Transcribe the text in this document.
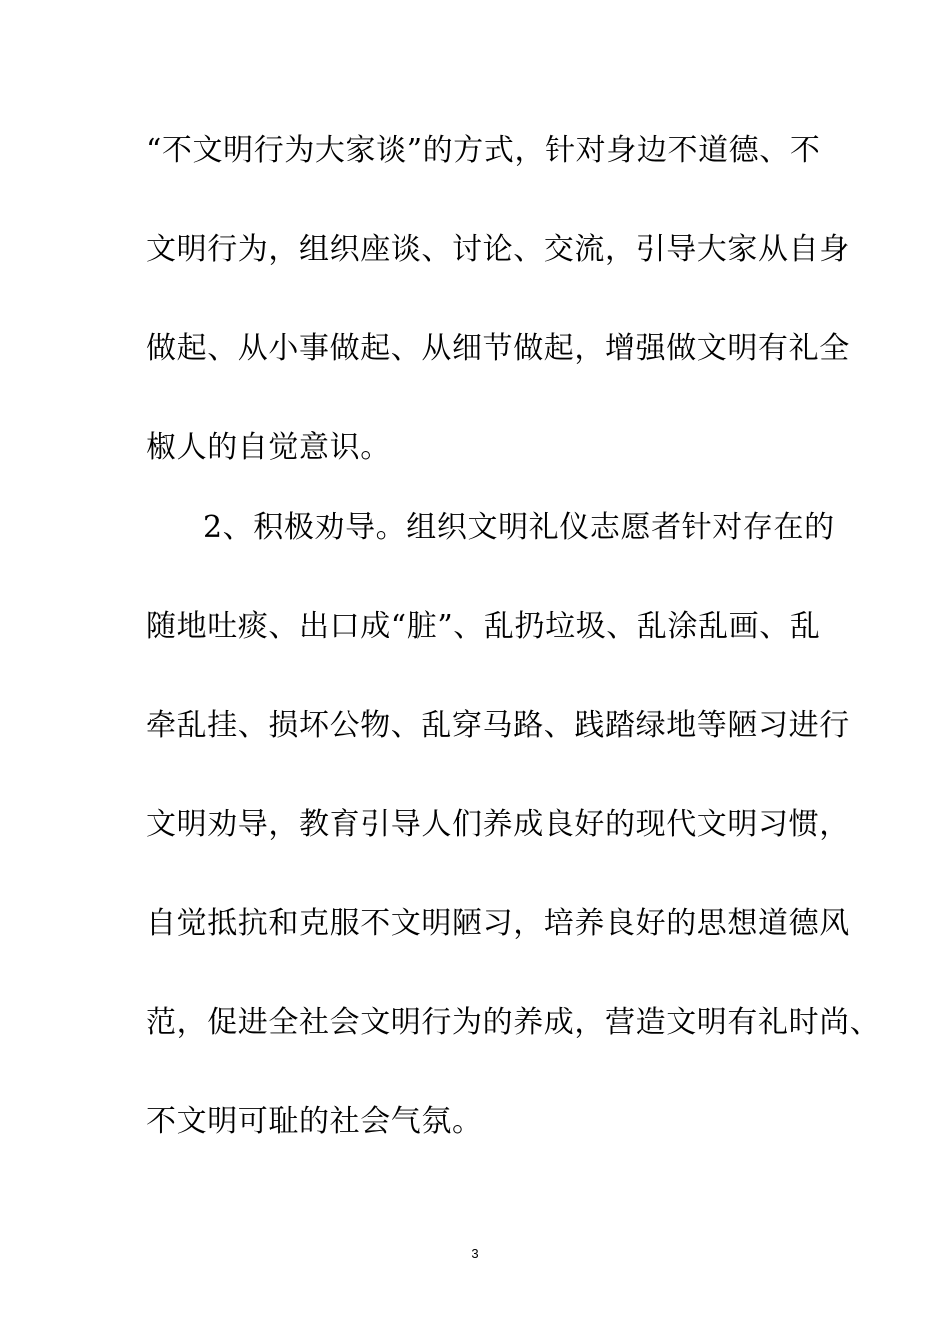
“不文明行为大家谈”的方式，针对身边不道德、不
文明行为，组织座谈、讨论、交流，引导大家从自身
做起、从小事做起、从细节做起，增强做文明有礼全
椒人的自觉意识。
2、积极劝导。组织文明礼仪志愿者针对存在的
随地吐痰、出口成“脏”、乱扔垃圾、乱涂乱画、乱
牵乱挂、损坏公物、乱穿马路、践踏绿地等陋习进行
文明劝导，教育引导人们养成良好的现代文明习惯，
自觉抵抗和克服不文明陋习，培养良好的思想道德风
范，促进全社会文明行为的养成，营造文明有礼时尚、
不文明可耻的社会气氛。
3
